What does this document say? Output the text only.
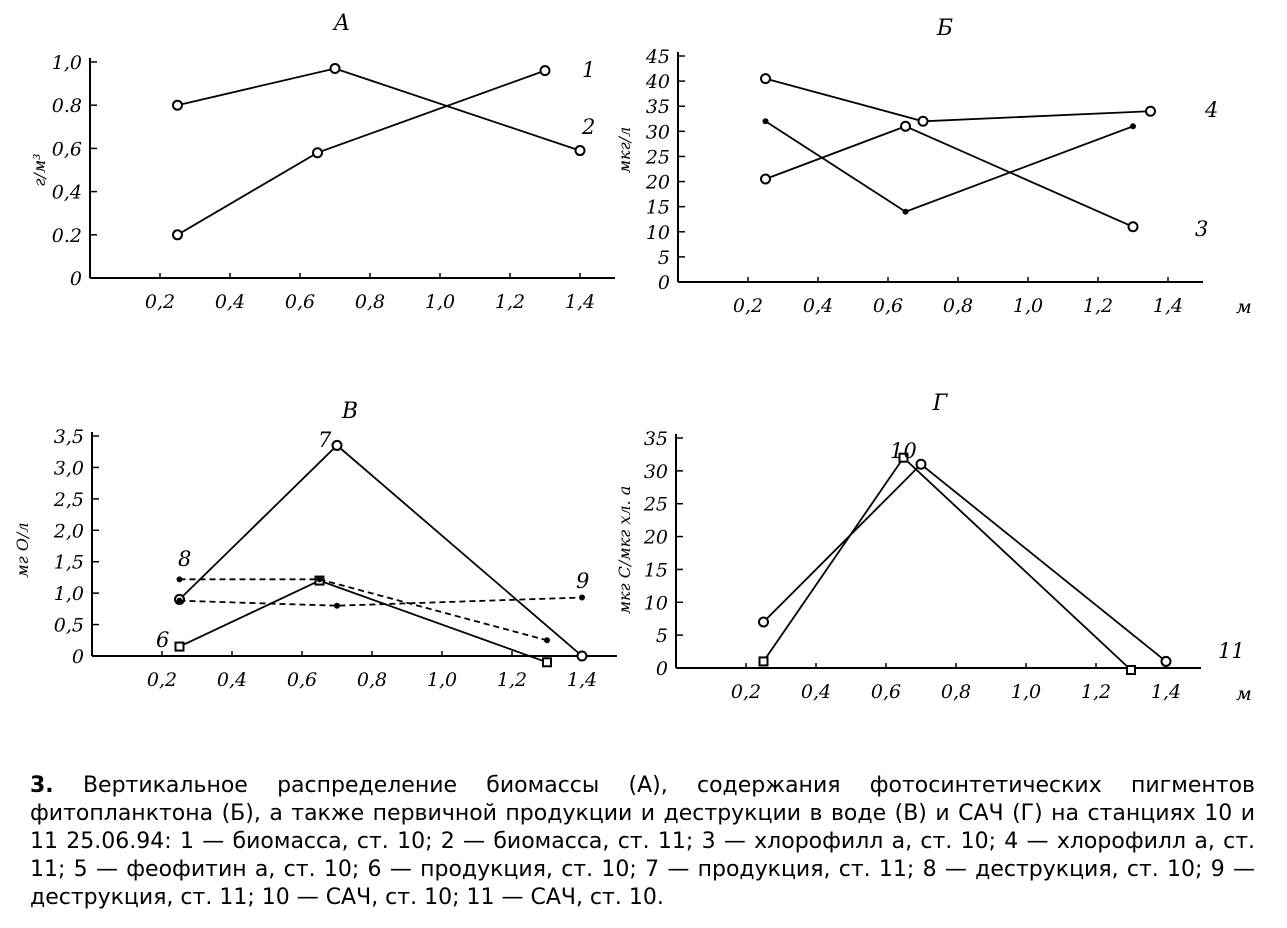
0
0.2
0,4
0,6
0.8
1,0
0,2 0,4 0,6 0,8 1,0 1,2 1,4
А
г/м³
1
2
0
5
10
15
20
25
30
35
40
45
0,2 0,4 0,6 0,8 1,0 1,2 1,4	м
Б
мкг/л
3
4
0
0,5
1,0
1,5
2,0
2,5
3,0
3,5
0,2 0,4 0,6 0,8 1,0 1,2 1,4
В
мг O/л
6
7
8
9
0
5
10
15
20
25
30
35
0,2 0,4 0,6 0,8 1,0 1,2 1,4	м
Г
мкг С/мкг хл. а
10
11

3. Вертикальное распределение биомассы (А), содержания фотосинтетических пигментов фитопланктона (Б), а также первичной продукции и деструкции в воде (В) и САЧ (Г) на станциях 10 и 11 25.06.94: 1 — биомасса, ст. 10; 2 — биомасса, ст. 11; 3 — хлорофилл а, ст. 10; 4 — хлорофилл а, ст. 11; 5 — феофитин а, ст. 10; 6 — продукция, ст. 10; 7 — продукция, ст. 11; 8 — деструкция, ст. 10; 9 — деструкция, ст. 11; 10 — САЧ, ст. 10; 11 — САЧ, ст. 10.
